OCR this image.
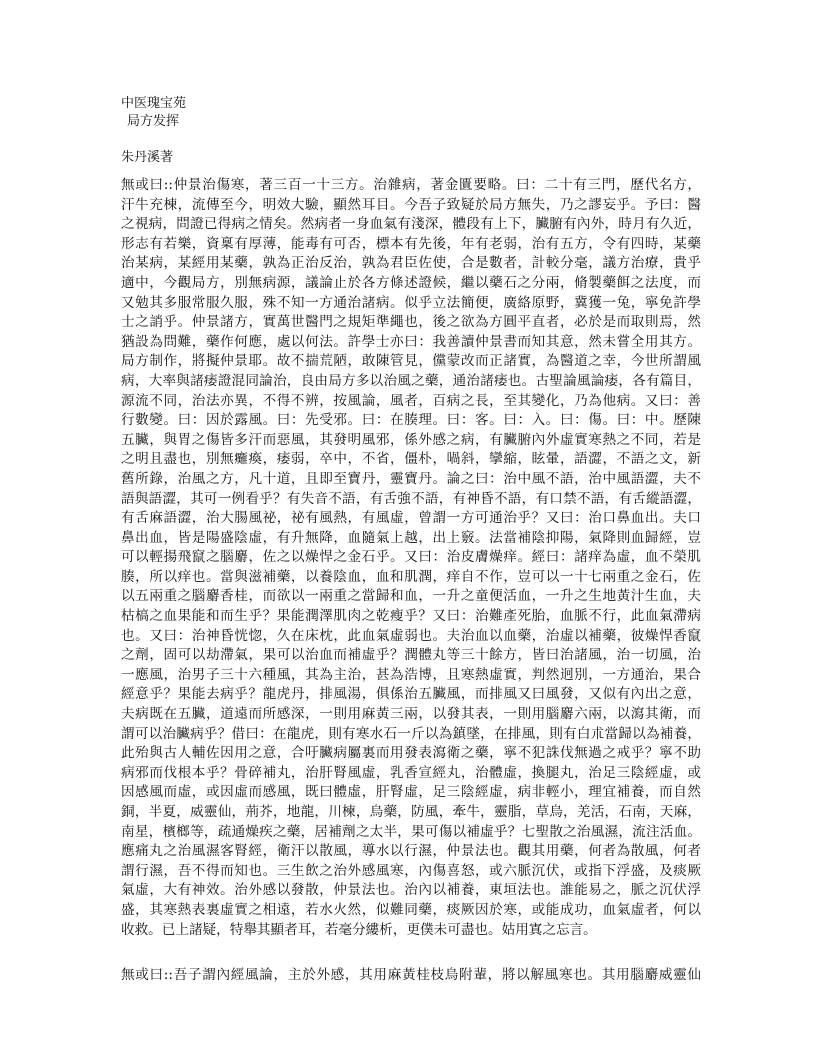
中医瑰宝苑
局方发挥
朱丹溪著
無或曰::仲景治傷寒，著三百一十三方。治雜病，著金匱要略。曰：二十有三門，歷代名方，
汗牛充棟，流傳至今，明效大驗，顯然耳目。今吾子致疑於局方無失，乃之謬妄乎。予曰：醫
之視病，問證已得病之情矣。然病者一身血氣有淺深，體段有上下，臟腑有內外，時月有久近，
形志有若樂，資稟有厚薄，能毒有可否，標本有先後，年有老弱，治有五方，令有四時，某藥
治某病，某經用某藥，孰為正治反治，孰為君臣佐使，合是數者，計較分毫，議方治療，貴乎
適中，今觀局方，別無病源，議論止於各方條述證候，繼以藥石之分兩，脩製藥餌之法度，而
又勉其多服常服久服，殊不知一方通治諸病。似乎立法簡便，廣絡原野，冀獲一兔，寧免許學
士之誚乎。仲景諸方，實萬世醫門之規矩準繩也，後之欲為方圓平直者，必於是而取則焉，然
猶設為問難，藥作何應，處以何法。許學士亦曰：我善讀仲景書而知其意，然未嘗全用其方。
局方制作，將擬仲景耶。故不揣荒陋，敢陳管見，儻蒙改而正諸實，為醫道之幸，今世所謂風
病，大率與諸痿證混同論治，良由局方多以治風之藥，通治諸痿也。古聖論風論痿，各有篇目，
源流不同，治法亦異，不得不辨，按風論，風者，百病之長，至其變化，乃為他病。又曰：善
行數變。曰：因於露風。曰：先受邪。曰：在腠理。曰：客。曰：入。曰：傷。曰：中。歷陳
五臟，與胃之傷皆多汗而惡風，其發明風邪，係外感之病，有臟腑內外虛實寒熱之不同，若是
之明且盡也，別無癱瘓，痿弱，卒中，不省，僵朴，喎斜，攣縮，眩暈，語澀，不語之文，新
舊所錄，治風之方，凡十道，且即至寶丹，靈寶丹。論之曰：治中風不語，治中風語澀，夫不
語與語澀，其可一例看乎？有失音不語，有舌強不語，有神昏不語，有口禁不語，有舌縱語澀，
有舌麻語澀，治大腸風祕，祕有風熱，有風虛，曾謂一方可通治乎？又曰：治口鼻血出。夫口
鼻出血，皆是陽盛陰虛，有升無降，血隨氣上越，出上竅。法當補陰抑陽，氣降則血歸經，豈
可以輕揚飛竄之腦麝，佐之以燥悍之金石乎。又曰：治皮膚燥痒。經曰：諸痒為虛，血不榮肌
腠，所以痒也。當與滋補藥，以養陰血，血和肌潤，痒自不作，豈可以一十七兩重之金石，佐
以五兩重之腦麝香桂，而欲以一兩重之當歸和血，一升之童便活血，一升之生地黃汁生血，夫
枯槁之血果能和而生乎？果能潤澤肌肉之乾瘦乎？又曰：治難產死胎，血脈不行，此血氣滯病
也。又曰：治神昏恍惚，久在床枕，此血氣虛弱也。夫治血以血藥，治虛以補藥，彼燥悍香竄
之劑，固可以劫滯氣，果可以治血而補虛乎？潤體丸等三十餘方，皆曰治諸風，治一切風，治
一應風，治男子三十六種風，其為主治，甚為浩博，且寒熱虛實，判然迥別，一方通治，果合
經意乎？果能去病乎？龍虎丹，排風湯，俱係治五臟風，而排風又曰風發，又似有內出之意，
夫病既在五臟，道遠而所感深，一則用麻黃三兩，以發其表，一則用腦麝六兩，以瀉其衛，而
謂可以治臟病乎？借曰：在龍虎，則有寒水石一斤以為鎮墜，在排風，則有白朮當歸以為補養，
此殆與古人輔佐因用之意，合吁臟病屬裏而用發表瀉衛之藥，寧不犯誅伐無過之戒乎？寧不助
病邪而伐根本乎？骨碎補丸，治肝腎風虛，乳香宣經丸，治體虛，換腿丸，治足三陰經虛，或
因感風而虛，或因虛而感風，既曰體虛，肝腎虛，足三陰經虛，病非輕小，理宜補養，而自然
銅，半夏，威靈仙，荊芥，地龍，川楝，烏藥，防風，牽牛，靈脂，草烏，羌活，石南，天麻，
南星，檳榔等，疏通燥疾之藥，居補劑之太半，果可傷以補虛乎？七聖散之治風濕，流注活血。
應痛丸之治風濕客腎經，衛汗以散風，導水以行濕，仲景法也。觀其用藥，何者為散風，何者
謂行濕，吾不得而知也。三生飲之治外感風寒，內傷喜怒，或六脈沉伏，或指下浮盛，及痰厥
氣虛，大有神效。治外感以發散，仲景法也。治內以補養，東垣法也。誰能易之，脈之沉伏浮
盛，其寒熱表裏虛實之相遠，若水火然，似難同藥，痰厥因於寒，或能成功，血氣虛者，何以
收救。已上諸疑，特舉其顯者耳，若毫分縷析，更僕未可盡也。姑用寘之忘言。
無或曰::吾子謂內經風論，主於外感，其用麻黃桂枝烏附輩，將以解風寒也。其用腦麝威靈仙
